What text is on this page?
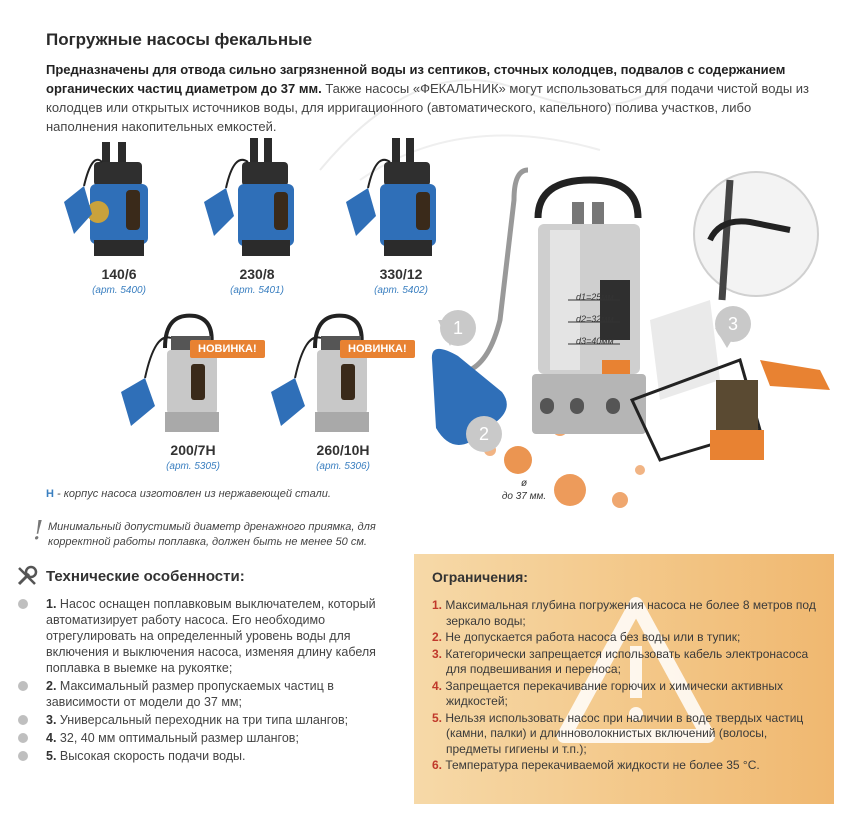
Погружные насосы фекальные
Предназначены для отвода сильно загрязненной воды из септиков, сточных колодцев, подвалов с содержанием органических частиц диаметром до 37 мм. Также насосы «ФЕКАЛЬНИК» могут использоваться для подачи чистой воды из колодцев или открытых источников воды, для ирригационного (автоматического, капельного) полива участков, либо наполнения накопительных емкостей.
140/6
(арт. 5400)
230/8
(арт. 5401)
330/12
(арт. 5402)
НОВИНКА!
200/7Н
(арт. 5305)
НОВИНКА!
260/10Н
(арт. 5306)
1
2
3
d1=25мм
d2=32мм
d3=40мм
ø
до 37 мм.
Н - корпус насоса изготовлен из нержавеющей стали.
! Минимальный допустимый диаметр дренажного приямка, для корректной работы поплавка, должен быть не менее 50 см.
Технические особенности:
1. Насос оснащен поплавковым выключателем, который автоматизирует работу насоса. Его необходимо отрегулировать на определенный уровень воды для включения и выключения насоса, изменяя длину кабеля поплавка в выемке на рукоятке;
2. Максимальный размер пропускаемых частиц в зависимости от модели до 37 мм;
3. Универсальный переходник на три типа шлангов;
4. 32, 40 мм оптимальный размер шлангов;
5. Высокая скорость подачи воды.
Ограничения:
1. Максимальная глубина погружения насоса не более 8 метров под зеркало воды;
2. Не допускается работа насоса без воды или в тупик;
3. Категорически запрещается использовать кабель электронасоса для подвешивания и переноса;
4. Запрещается перекачивание горючих и химически активных жидкостей;
5. Нельзя использовать насос при наличии в воде твердых частиц (камни, палки) и длинноволокнистых включений (волосы, предметы гигиены и т.п.);
6. Температура перекачиваемой жидкости не более 35 °С.
